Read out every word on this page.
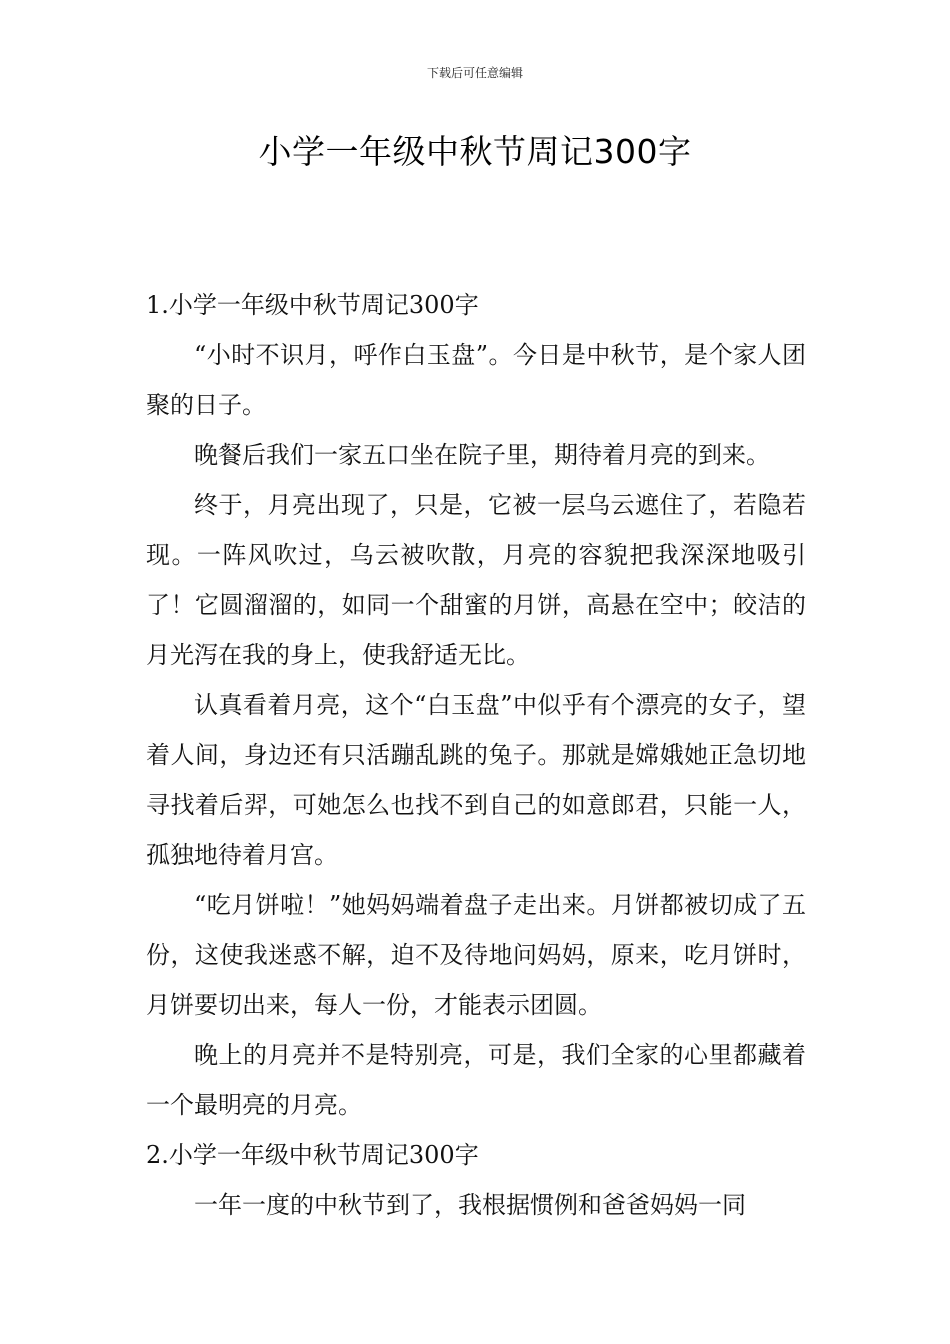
下载后可任意编辑
小学一年级中秋节周记300字

1.小学一年级中秋节周记300字

“小时不识月，呼作白玉盘”。今日是中秋节，是个家人团聚的日子。

晚餐后我们一家五口坐在院子里，期待着月亮的到来。

终于，月亮出现了，只是，它被一层乌云遮住了，若隐若现。一阵风吹过，乌云被吹散，月亮的容貌把我深深地吸引了！它圆溜溜的，如同一个甜蜜的月饼，高悬在空中；皎洁的月光泻在我的身上，使我舒适无比。

认真看着月亮，这个“白玉盘”中似乎有个漂亮的女子，望着人间，身边还有只活蹦乱跳的兔子。那就是嫦娥她正急切地寻找着后羿，可她怎么也找不到自己的如意郎君，只能一人，孤独地待着月宫。

“吃月饼啦！”她妈妈端着盘子走出来。月饼都被切成了五份，这使我迷惑不解，迫不及待地问妈妈，原来，吃月饼时，月饼要切出来，每人一份，才能表示团圆。

晚上的月亮并不是特别亮，可是，我们全家的心里都藏着一个最明亮的月亮。

2.小学一年级中秋节周记300字

一年一度的中秋节到了，我根据惯例和爸爸妈妈一同
